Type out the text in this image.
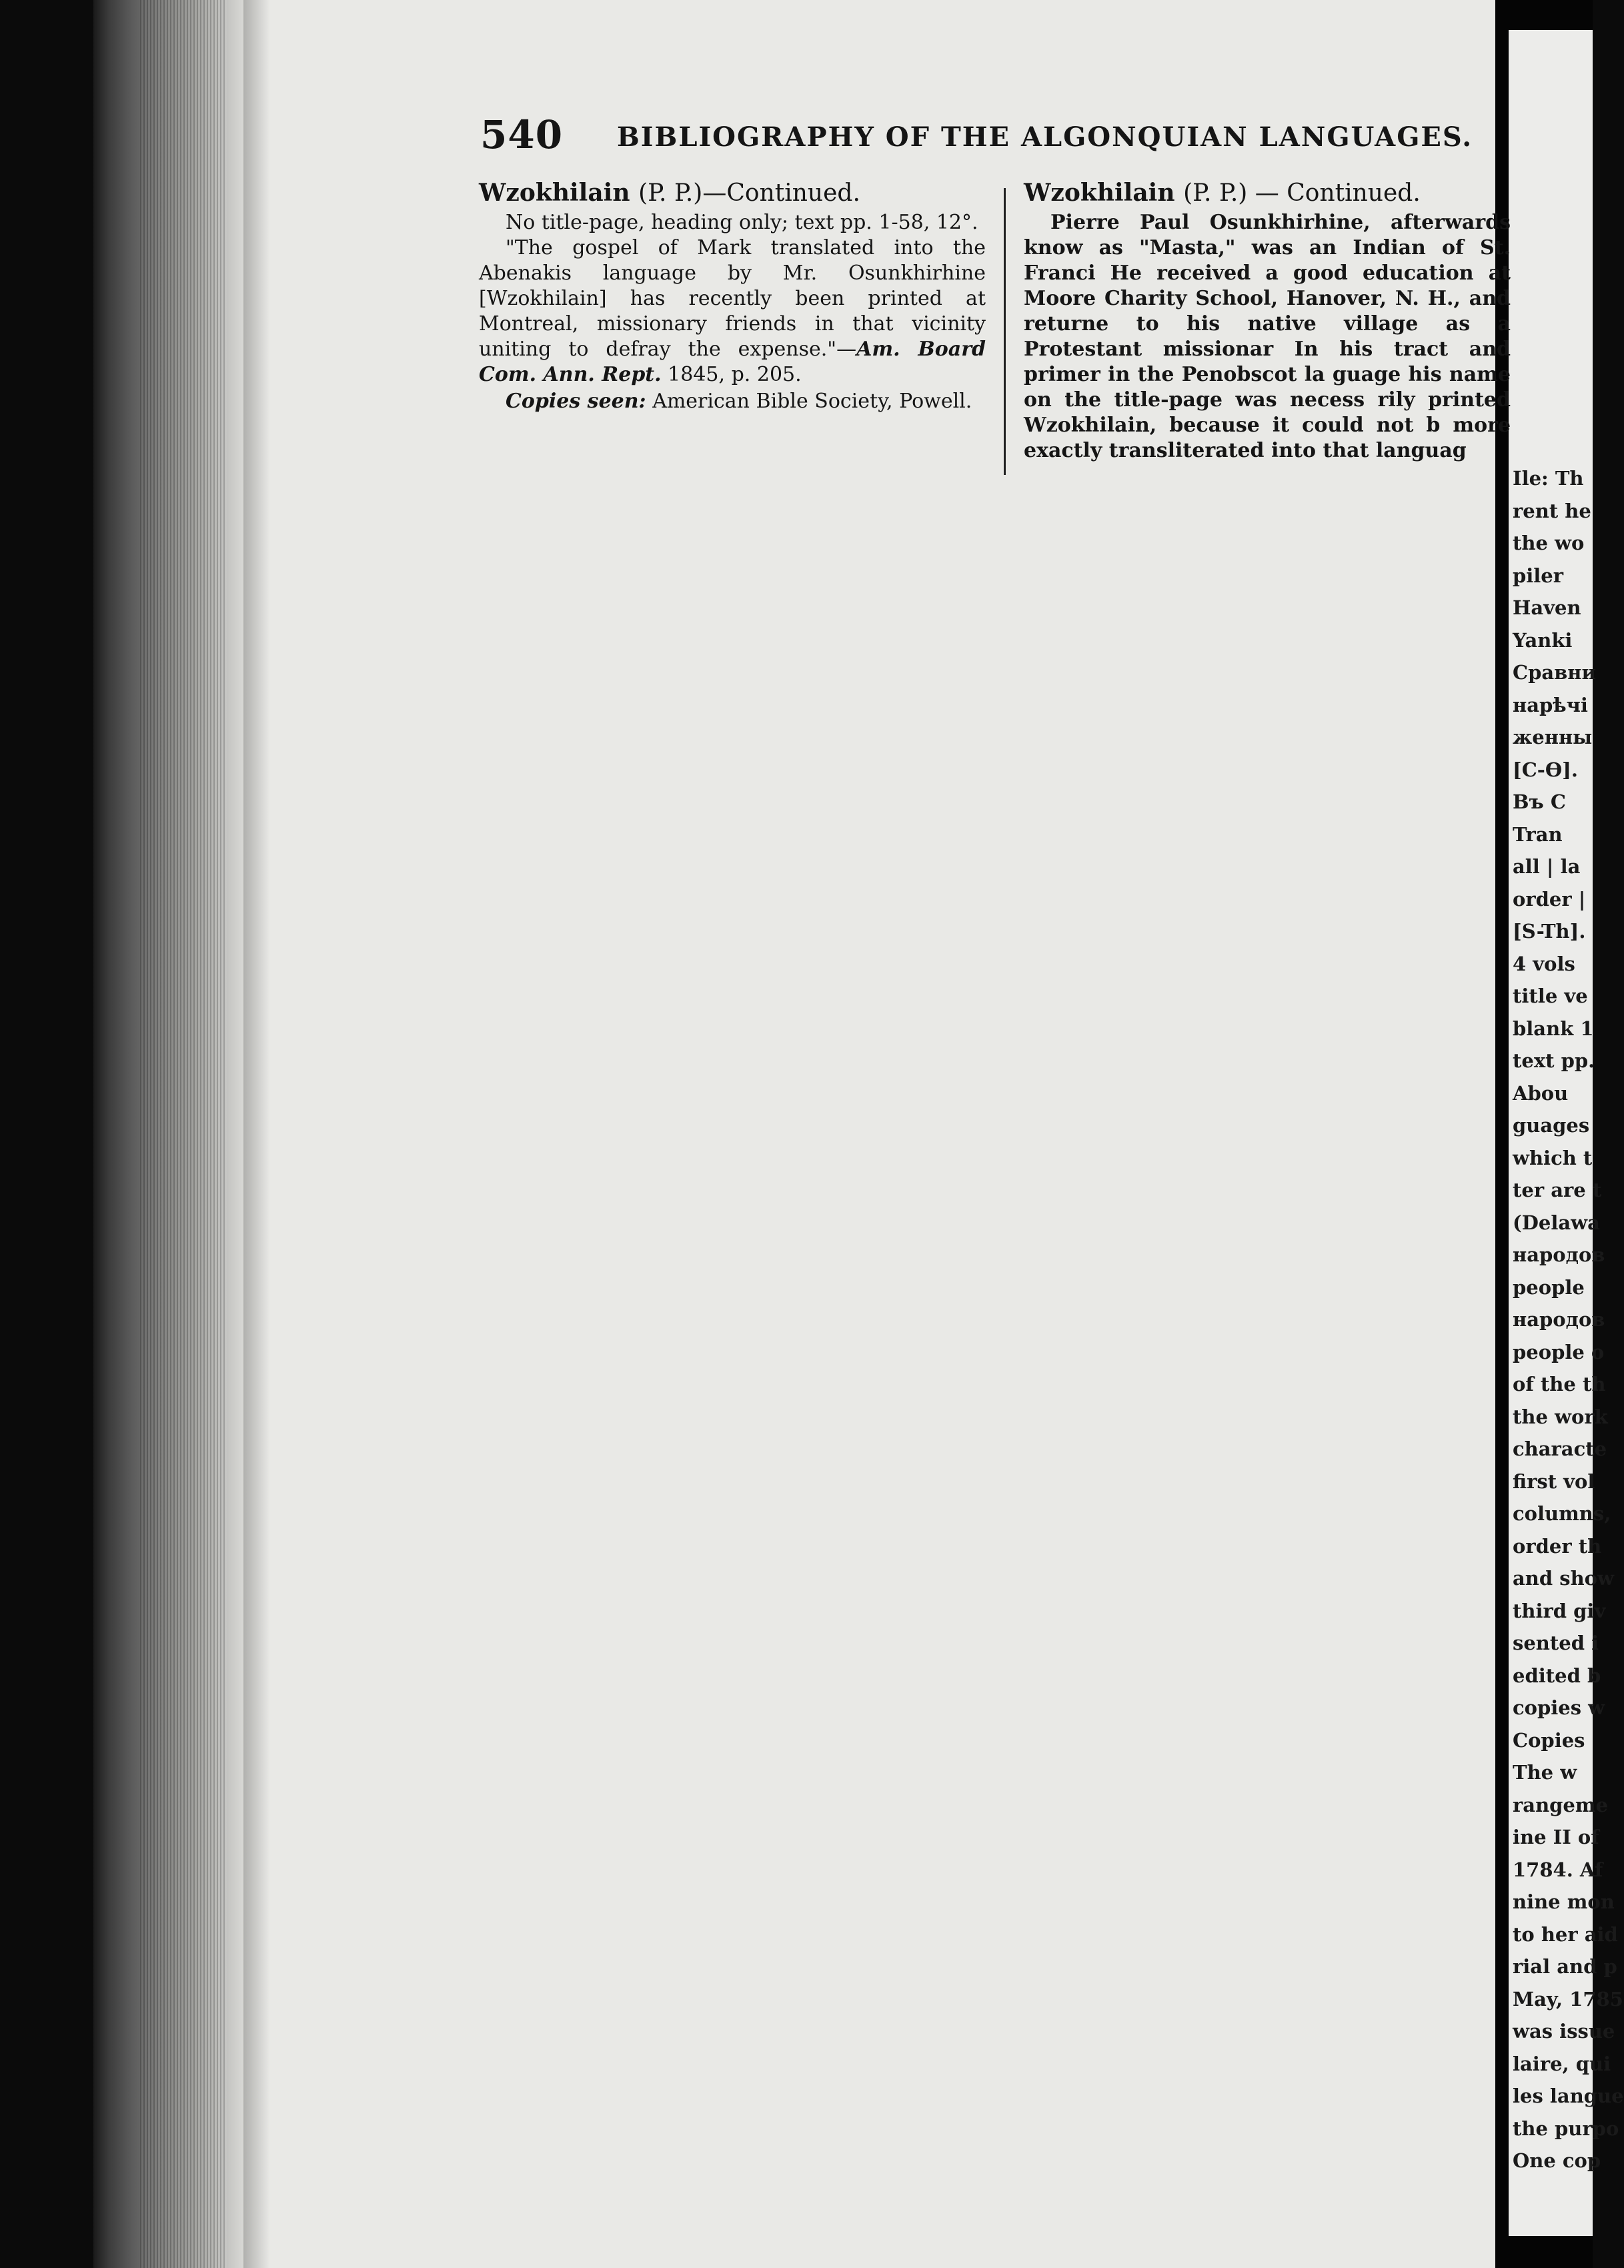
Ile: Th
rent he
the wo
piler
Haven
Yanki
Сравни
нарѣчі
женны
[С-Ѳ].
Въ С
Tran
all | la
order |
[S-Th].
4 vols
title ve
blank 1
text pp.
Abou
guages
which t
ter are t
(Delawa
народов
people
народов
people o
of the th
the work
characte
first vol
columns,
order th
and show
third giv
sented i
edited b
copies w
Copies
The w
rangeme
ine II of
1784. Af
nine mon
to her aid
rial and p
May, 1785
was issue
laire, qui
les langue
the purpo
One cop
540 BIBLIOGRAPHY OF THE ALGONQUIAN LANGUAGES.
Wzokhilain (P. P.)—Continued.

No title-page, heading only; text pp. 1-58, 12°.

"The gospel of Mark translated into the Abenakis language by Mr. Osunkhirhine [Wzokhilain] has recently been printed at Montreal, missionary friends in that vicinity uniting to defray the expense."—Am. Board Com. Ann. Rept. 1845, p. 205.

Copies seen: American Bible Society, Powell.

Wzokhilain (P. P.) — Continued.

Pierre Paul Osunkhirhine, afterwards know as "Masta," was an Indian of St. Franci He received a good education at Moore Charity School, Hanover, N. H., and returne to his native village as a Protestant missionar In his tract and primer in the Penobscot la guage his name on the title-page was necess rily printed Wzokhilain, because it could not b more exactly transliterated into that languag
